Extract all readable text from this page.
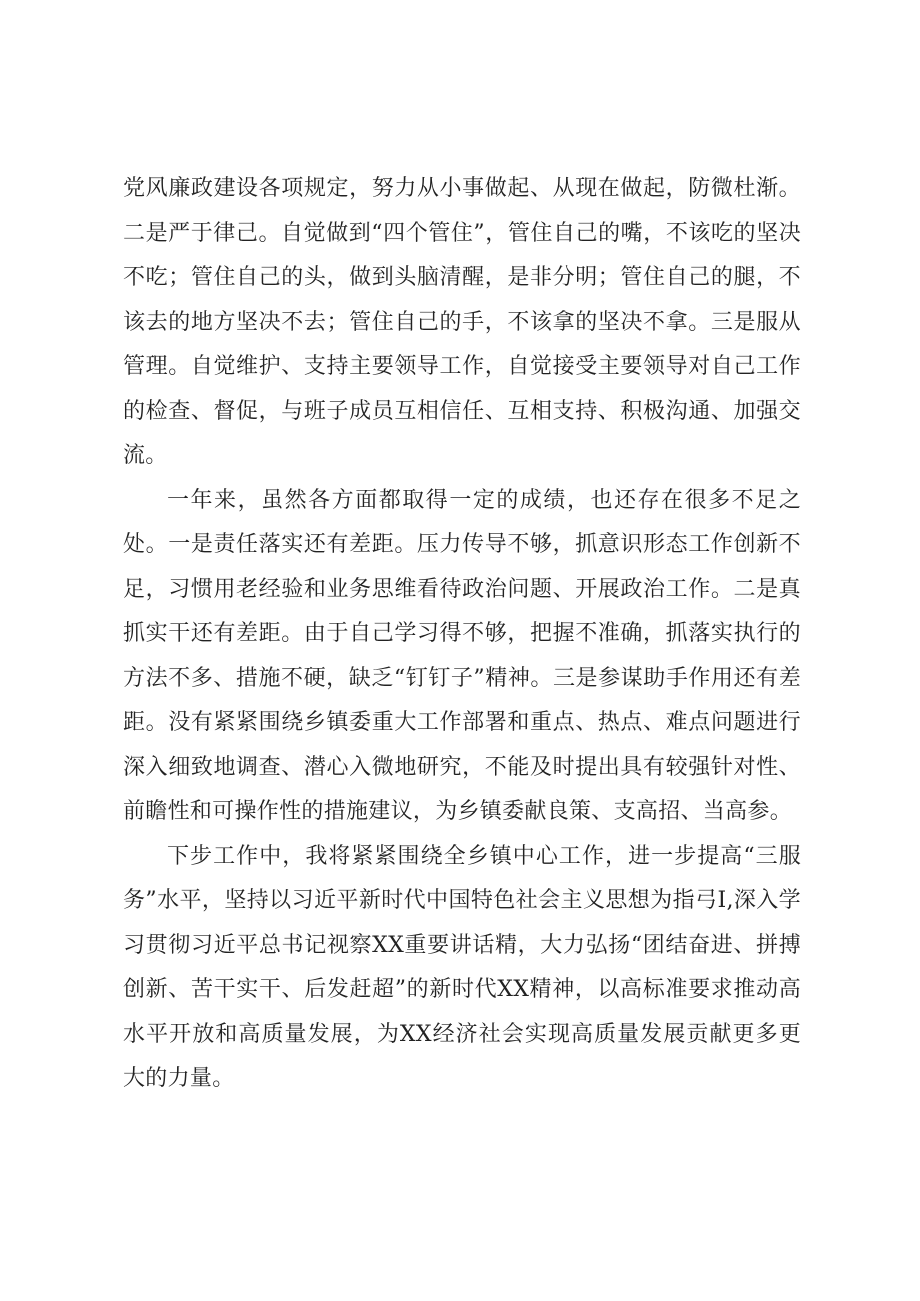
党风廉政建设各项规定，努力从小事做起、从现在做起，防微杜渐。二是严于律己。自觉做到“四个管住”，管住自己的嘴，不该吃的坚决不吃；管住自己的头，做到头脑清醒，是非分明；管住自己的腿，不该去的地方坚决不去；管住自己的手，不该拿的坚决不拿。三是服从管理。自觉维护、支持主要领导工作，自觉接受主要领导对自己工作的检查、督促，与班子成员互相信任、互相支持、积极沟通、加强交流。

一年来，虽然各方面都取得一定的成绩，也还存在很多不足之处。一是责任落实还有差距。压力传导不够，抓意识形态工作创新不足，习惯用老经验和业务思维看待政治问题、开展政治工作。二是真抓实干还有差距。由于自己学习得不够，把握不准确，抓落实执行的方法不多、措施不硬，缺乏“钉钉子”精神。三是参谋助手作用还有差距。没有紧紧围绕乡镇委重大工作部署和重点、热点、难点问题进行深入细致地调查、潜心入微地研究，不能及时提出具有较强针对性、前瞻性和可操作性的措施建议，为乡镇委献良策、支高招、当高参。

下步工作中，我将紧紧围绕全乡镇中心工作，进一步提高“三服务”水平，坚持以习近平新时代中国特色社会主义思想为指弓I,深入学习贯彻习近平总书记视察XX重要讲话精，大力弘扬“团结奋进、拼搏创新、苦干实干、后发赶超”的新时代XX精神，以高标准要求推动高水平开放和高质量发展，为XX经济社会实现高质量发展贡献更多更大的力量。
